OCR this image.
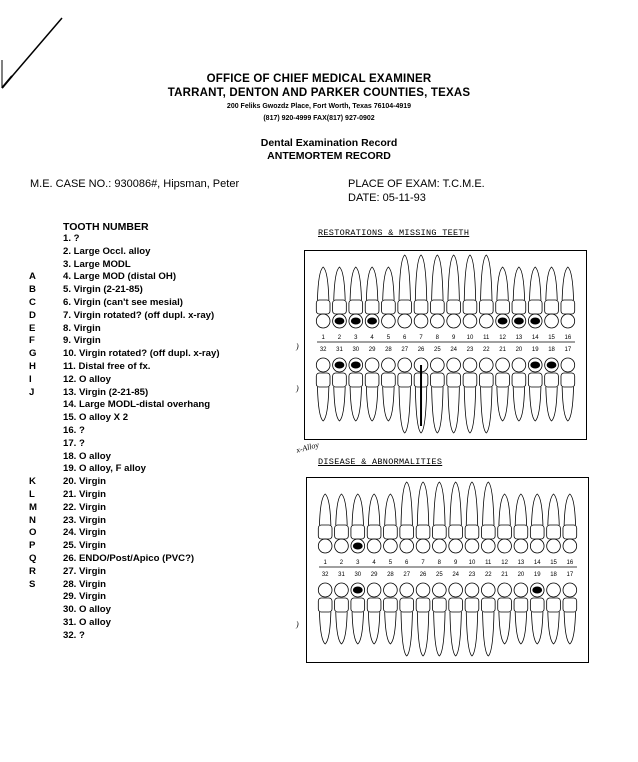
OFFICE OF CHIEF MEDICAL EXAMINER
TARRANT, DENTON AND PARKER COUNTIES, TEXAS
200 Feliks Gwozdz Place, Fort Worth, Texas 76104-4919
(817) 920-4999 FAX(817) 927-0902
Dental Examination Record
ANTEMORTEM RECORD
M.E. CASE NO.: 930086#, Hipsman, Peter	PLACE OF EXAM: T.C.M.E.
DATE: 05-11-93
TOOTH NUMBER
1. ?
2. Large Occl. alloy
3. Large MODL
A	4. Large MOD (distal OH)
B	5. Virgin (2-21-85)
C	6. Virgin (can't see mesial)
D	7. Virgin rotated? (off dupl. x-ray)
E	8. Virgin
F	9. Virgin
G	10. Virgin rotated? (off dupl. x-ray)
H	11. Distal free of fx.
I	12. O alloy
J	13. Virgin (2-21-85)
14. Large MODL-distal overhang
15. O alloy X 2
16. ?
17. ?
18. O alloy
19. O alloy, F alloy
K	20. Virgin
L	21. Virgin
M	22. Virgin
N	23. Virgin
O	24. Virgin
P	25. Virgin
Q	26. ENDO/Post/Apico (PVC?)
R	27. Virgin
S	28. Virgin
29. Virgin
30. O alloy
31. O alloy
32. ?
RESTORATIONS & MISSING TEETH
1 2 3 4 5 6 7 8 9 10 11 12 13 14 15 16
32 31 30 29 28 27 26 25 24 23 22 21 20 19 18 17
)
)
x-Alloy
DISEASE & ABNORMALITIES
1 2 3 4 5 6 7 8 9 10 11 12 13 14 15 16
32 31 30 29 28 27 26 25 24 23 22 21 20 19 18 17
)
